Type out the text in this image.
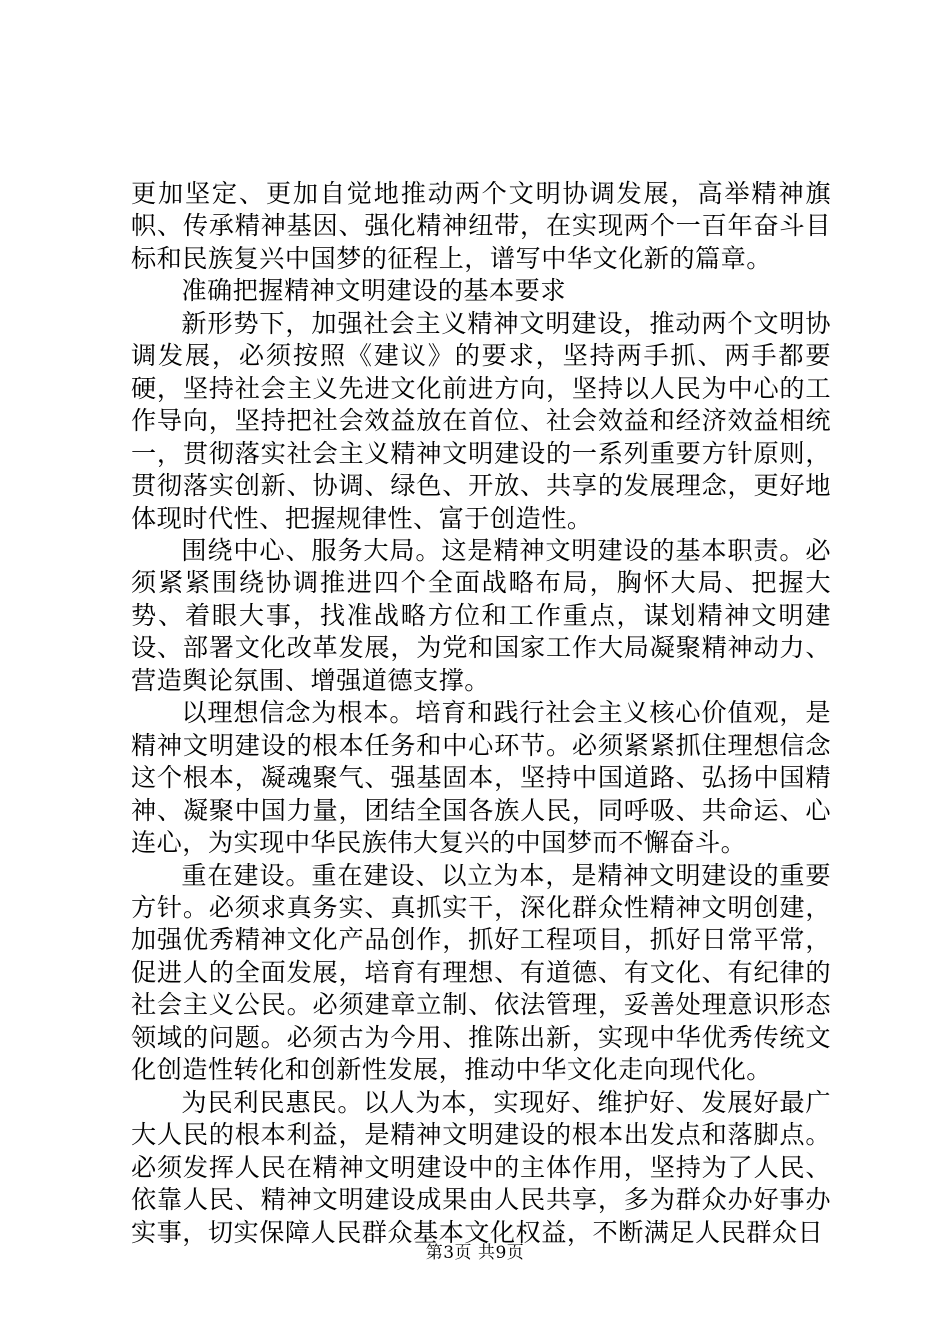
更加坚定、更加自觉地推动两个文明协调发展，高举精神旗帜、传承精神基因、强化精神纽带，在实现两个一百年奋斗目标和民族复兴中国梦的征程上，谱写中华文化新的篇章。

准确把握精神文明建设的基本要求

新形势下，加强社会主义精神文明建设，推动两个文明协调发展，必须按照《建议》的要求，坚持两手抓、两手都要硬，坚持社会主义先进文化前进方向，坚持以人民为中心的工作导向，坚持把社会效益放在首位、社会效益和经济效益相统一，贯彻落实社会主义精神文明建设的一系列重要方针原则，贯彻落实创新、协调、绿色、开放、共享的发展理念，更好地体现时代性、把握规律性、富于创造性。

围绕中心、服务大局。这是精神文明建设的基本职责。必须紧紧围绕协调推进四个全面战略布局，胸怀大局、把握大势、着眼大事，找准战略方位和工作重点，谋划精神文明建设、部署文化改革发展，为党和国家工作大局凝聚精神动力、营造舆论氛围、增强道德支撑。

以理想信念为根本。培育和践行社会主义核心价值观，是精神文明建设的根本任务和中心环节。必须紧紧抓住理想信念这个根本，凝魂聚气、强基固本，坚持中国道路、弘扬中国精神、凝聚中国力量，团结全国各族人民，同呼吸、共命运、心连心，为实现中华民族伟大复兴的中国梦而不懈奋斗。

重在建设。重在建设、以立为本，是精神文明建设的重要方针。必须求真务实、真抓实干，深化群众性精神文明创建，加强优秀精神文化产品创作，抓好工程项目，抓好日常平常，促进人的全面发展，培育有理想、有道德、有文化、有纪律的社会主义公民。必须建章立制、依法管理，妥善处理意识形态领域的问题。必须古为今用、推陈出新，实现中华优秀传统文化创造性转化和创新性发展，推动中华文化走向现代化。

为民利民惠民。以人为本，实现好、维护好、发展好最广大人民的根本利益，是精神文明建设的根本出发点和落脚点。必须发挥人民在精神文明建设中的主体作用，坚持为了人民、依靠人民、精神文明建设成果由人民共享，多为群众办好事办实事，切实保障人民群众基本文化权益，不断满足人民群众日

第3页 共9页
